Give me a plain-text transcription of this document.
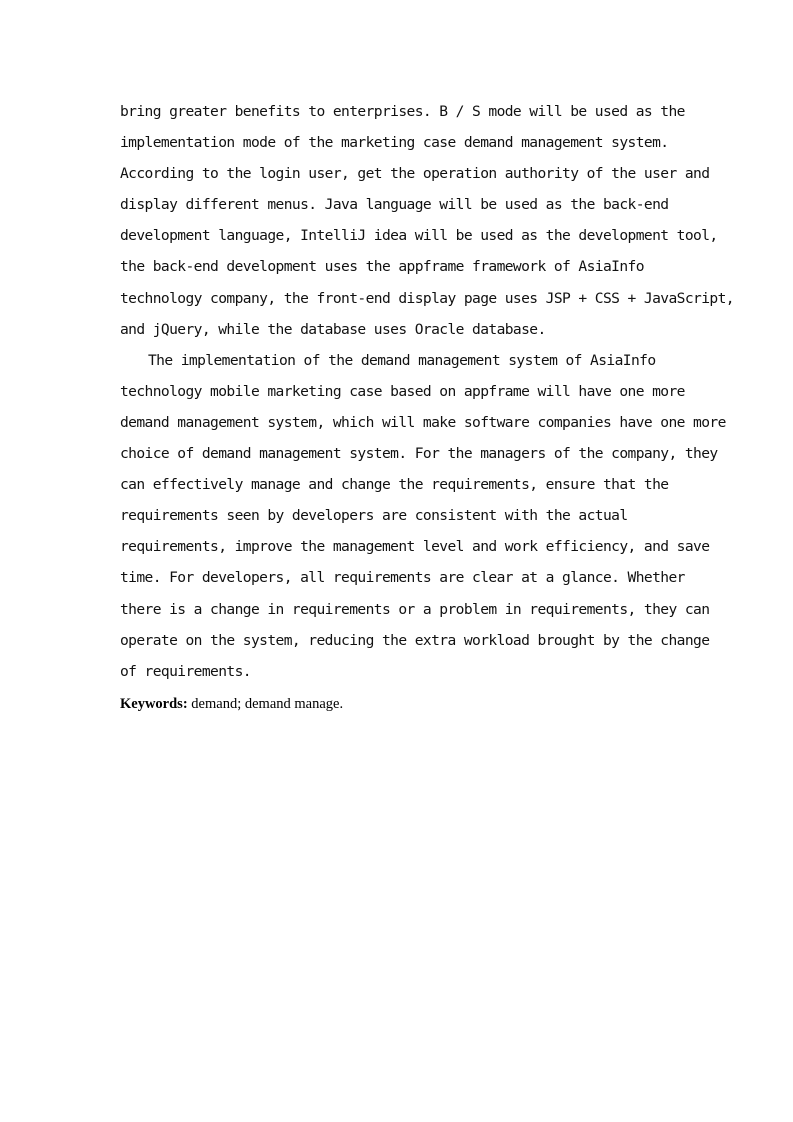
bring greater benefits to enterprises. B / S mode will be used as the
implementation mode of the marketing case demand management system.
According to the login user, get the operation authority of the user and
display different menus. Java language will be used as the back-end
development language, IntelliJ idea will be used as the development tool,
the back-end development uses the appframe framework of AsiaInfo
technology company, the front-end display page uses JSP + CSS + JavaScript,
and jQuery, while the database uses Oracle database.
The implementation of the demand management system of AsiaInfo
technology mobile marketing case based on appframe will have one more
demand management system, which will make software companies have one more
choice of demand management system. For the managers of the company, they
can effectively manage and change the requirements, ensure that the
requirements seen by developers are consistent with the actual
requirements, improve the management level and work efficiency, and save
time. For developers, all requirements are clear at a glance. Whether
there is a change in requirements or a problem in requirements, they can
operate on the system, reducing the extra workload brought by the change
of requirements.
Keywords: demand; demand manage.
